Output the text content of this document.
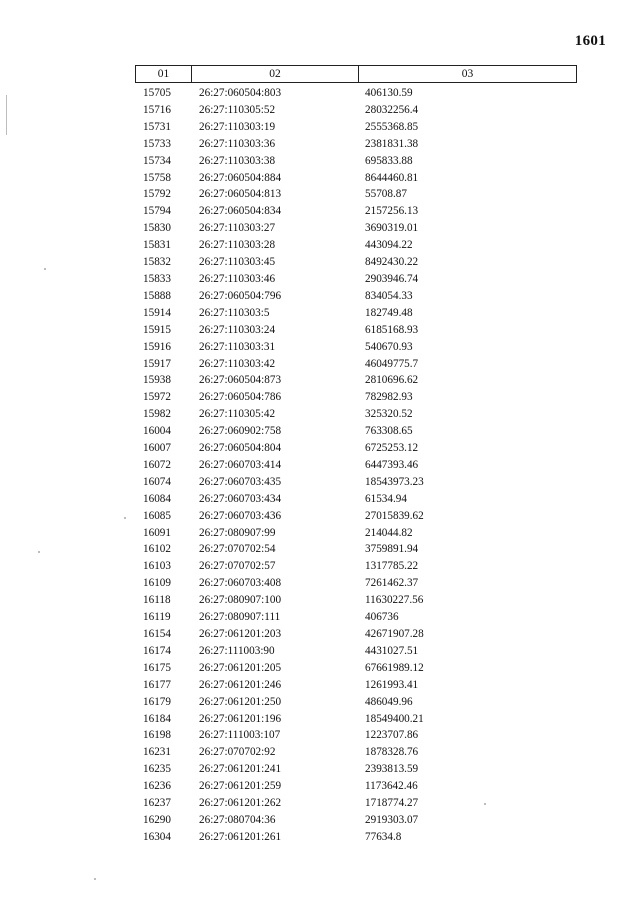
1601
01	02	03
15705	26:27:060504:803	406130.59
15716	26:27:110305:52	28032256.4
15731	26:27:110303:19	2555368.85
15733	26:27:110303:36	2381831.38
15734	26:27:110303:38	695833.88
15758	26:27:060504:884	8644460.81
15792	26:27:060504:813	55708.87
15794	26:27:060504:834	2157256.13
15830	26:27:110303:27	3690319.01
15831	26:27:110303:28	443094.22
15832	26:27:110303:45	8492430.22
15833	26:27:110303:46	2903946.74
15888	26:27:060504:796	834054.33
15914	26:27:110303:5	182749.48
15915	26:27:110303:24	6185168.93
15916	26:27:110303:31	540670.93
15917	26:27:110303:42	46049775.7
15938	26:27:060504:873	2810696.62
15972	26:27:060504:786	782982.93
15982	26:27:110305:42	325320.52
16004	26:27:060902:758	763308.65
16007	26:27:060504:804	6725253.12
16072	26:27:060703:414	6447393.46
16074	26:27:060703:435	18543973.23
16084	26:27:060703:434	61534.94
16085	26:27:060703:436	27015839.62
16091	26:27:080907:99	214044.82
16102	26:27:070702:54	3759891.94
16103	26:27:070702:57	1317785.22
16109	26:27:060703:408	7261462.37
16118	26:27:080907:100	11630227.56
16119	26:27:080907:111	406736
16154	26:27:061201:203	42671907.28
16174	26:27:111003:90	4431027.51
16175	26:27:061201:205	67661989.12
16177	26:27:061201:246	1261993.41
16179	26:27:061201:250	486049.96
16184	26:27:061201:196	18549400.21
16198	26:27:111003:107	1223707.86
16231	26:27:070702:92	1878328.76
16235	26:27:061201:241	2393813.59
16236	26:27:061201:259	1173642.46
16237	26:27:061201:262	1718774.27
16290	26:27:080704:36	2919303.07
16304	26:27:061201:261	77634.8
